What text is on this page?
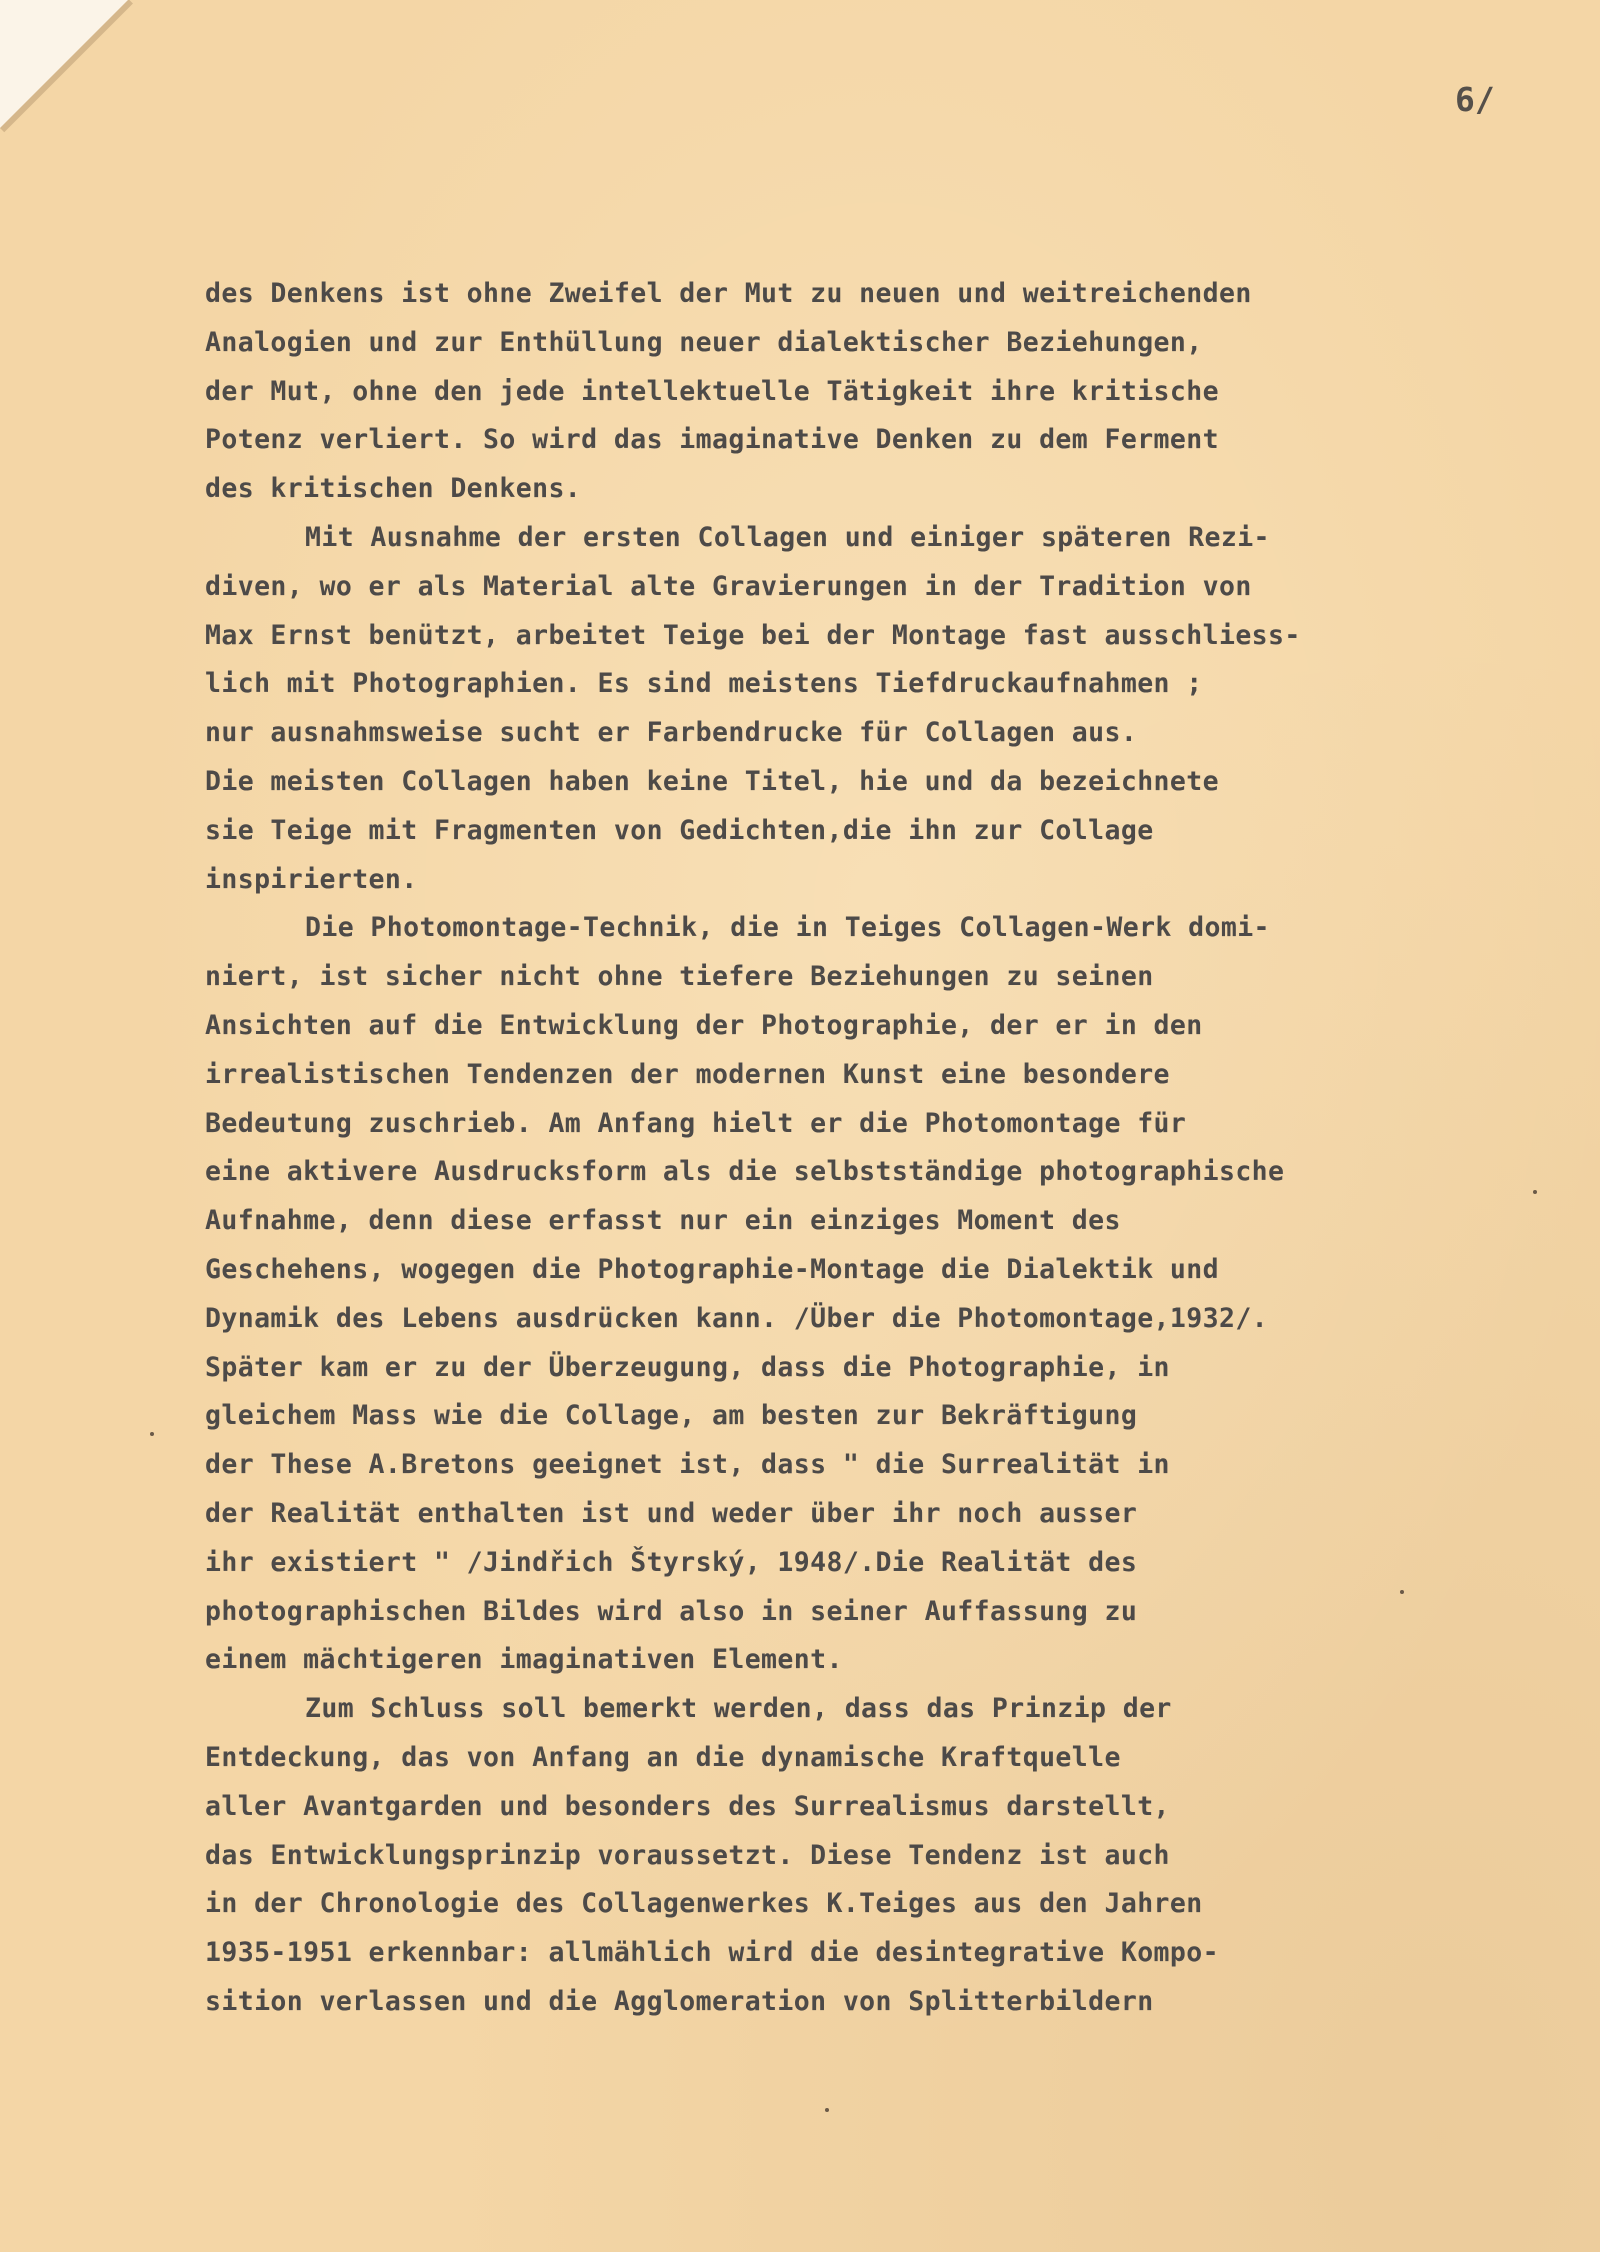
6/
des Denkens ist ohne Zweifel der Mut zu neuen und weitreichenden
Analogien und zur Enthüllung neuer dialektischer Beziehungen,
der Mut, ohne den jede intellektuelle Tätigkeit ihre kritische
Potenz verliert. So wird das imaginative Denken zu dem Ferment
des kritischen Denkens.
Mit Ausnahme der ersten Collagen und einiger späteren Rezi-
diven, wo er als Material alte Gravierungen in der Tradition von
Max Ernst benützt, arbeitet Teige bei der Montage fast ausschliess-
lich mit Photographien. Es sind meistens Tiefdruckaufnahmen ;
nur ausnahmsweise sucht er Farbendrucke für Collagen aus.
Die meisten Collagen haben keine Titel, hie und da bezeichnete
sie Teige mit Fragmenten von Gedichten,die ihn zur Collage
inspirierten.
Die Photomontage-Technik, die in Teiges Collagen-Werk domi-
niert, ist sicher nicht ohne tiefere Beziehungen zu seinen
Ansichten auf die Entwicklung der Photographie, der er in den
irrealistischen Tendenzen der modernen Kunst eine besondere
Bedeutung zuschrieb. Am Anfang hielt er die Photomontage für
eine aktivere Ausdrucksform als die selbstständige photographische
Aufnahme, denn diese erfasst nur ein einziges Moment des
Geschehens, wogegen die Photographie-Montage die Dialektik und
Dynamik des Lebens ausdrücken kann. /Über die Photomontage,1932/.
Später kam er zu der Überzeugung, dass die Photographie, in
gleichem Mass wie die Collage, am besten zur Bekräftigung
der These A.Bretons geeignet ist, dass " die Surrealität in
der Realität enthalten ist und weder über ihr noch ausser
ihr existiert " /Jindřich Štyrský, 1948/.Die Realität des
photographischen Bildes wird also in seiner Auffassung zu
einem mächtigeren imaginativen Element.
Zum Schluss soll bemerkt werden, dass das Prinzip der
Entdeckung, das von Anfang an die dynamische Kraftquelle
aller Avantgarden und besonders des Surrealismus darstellt,
das Entwicklungsprinzip voraussetzt. Diese Tendenz ist auch
in der Chronologie des Collagenwerkes K.Teiges aus den Jahren
1935-1951 erkennbar: allmählich wird die desintegrative Kompo-
sition verlassen und die Agglomeration von Splitterbildern
